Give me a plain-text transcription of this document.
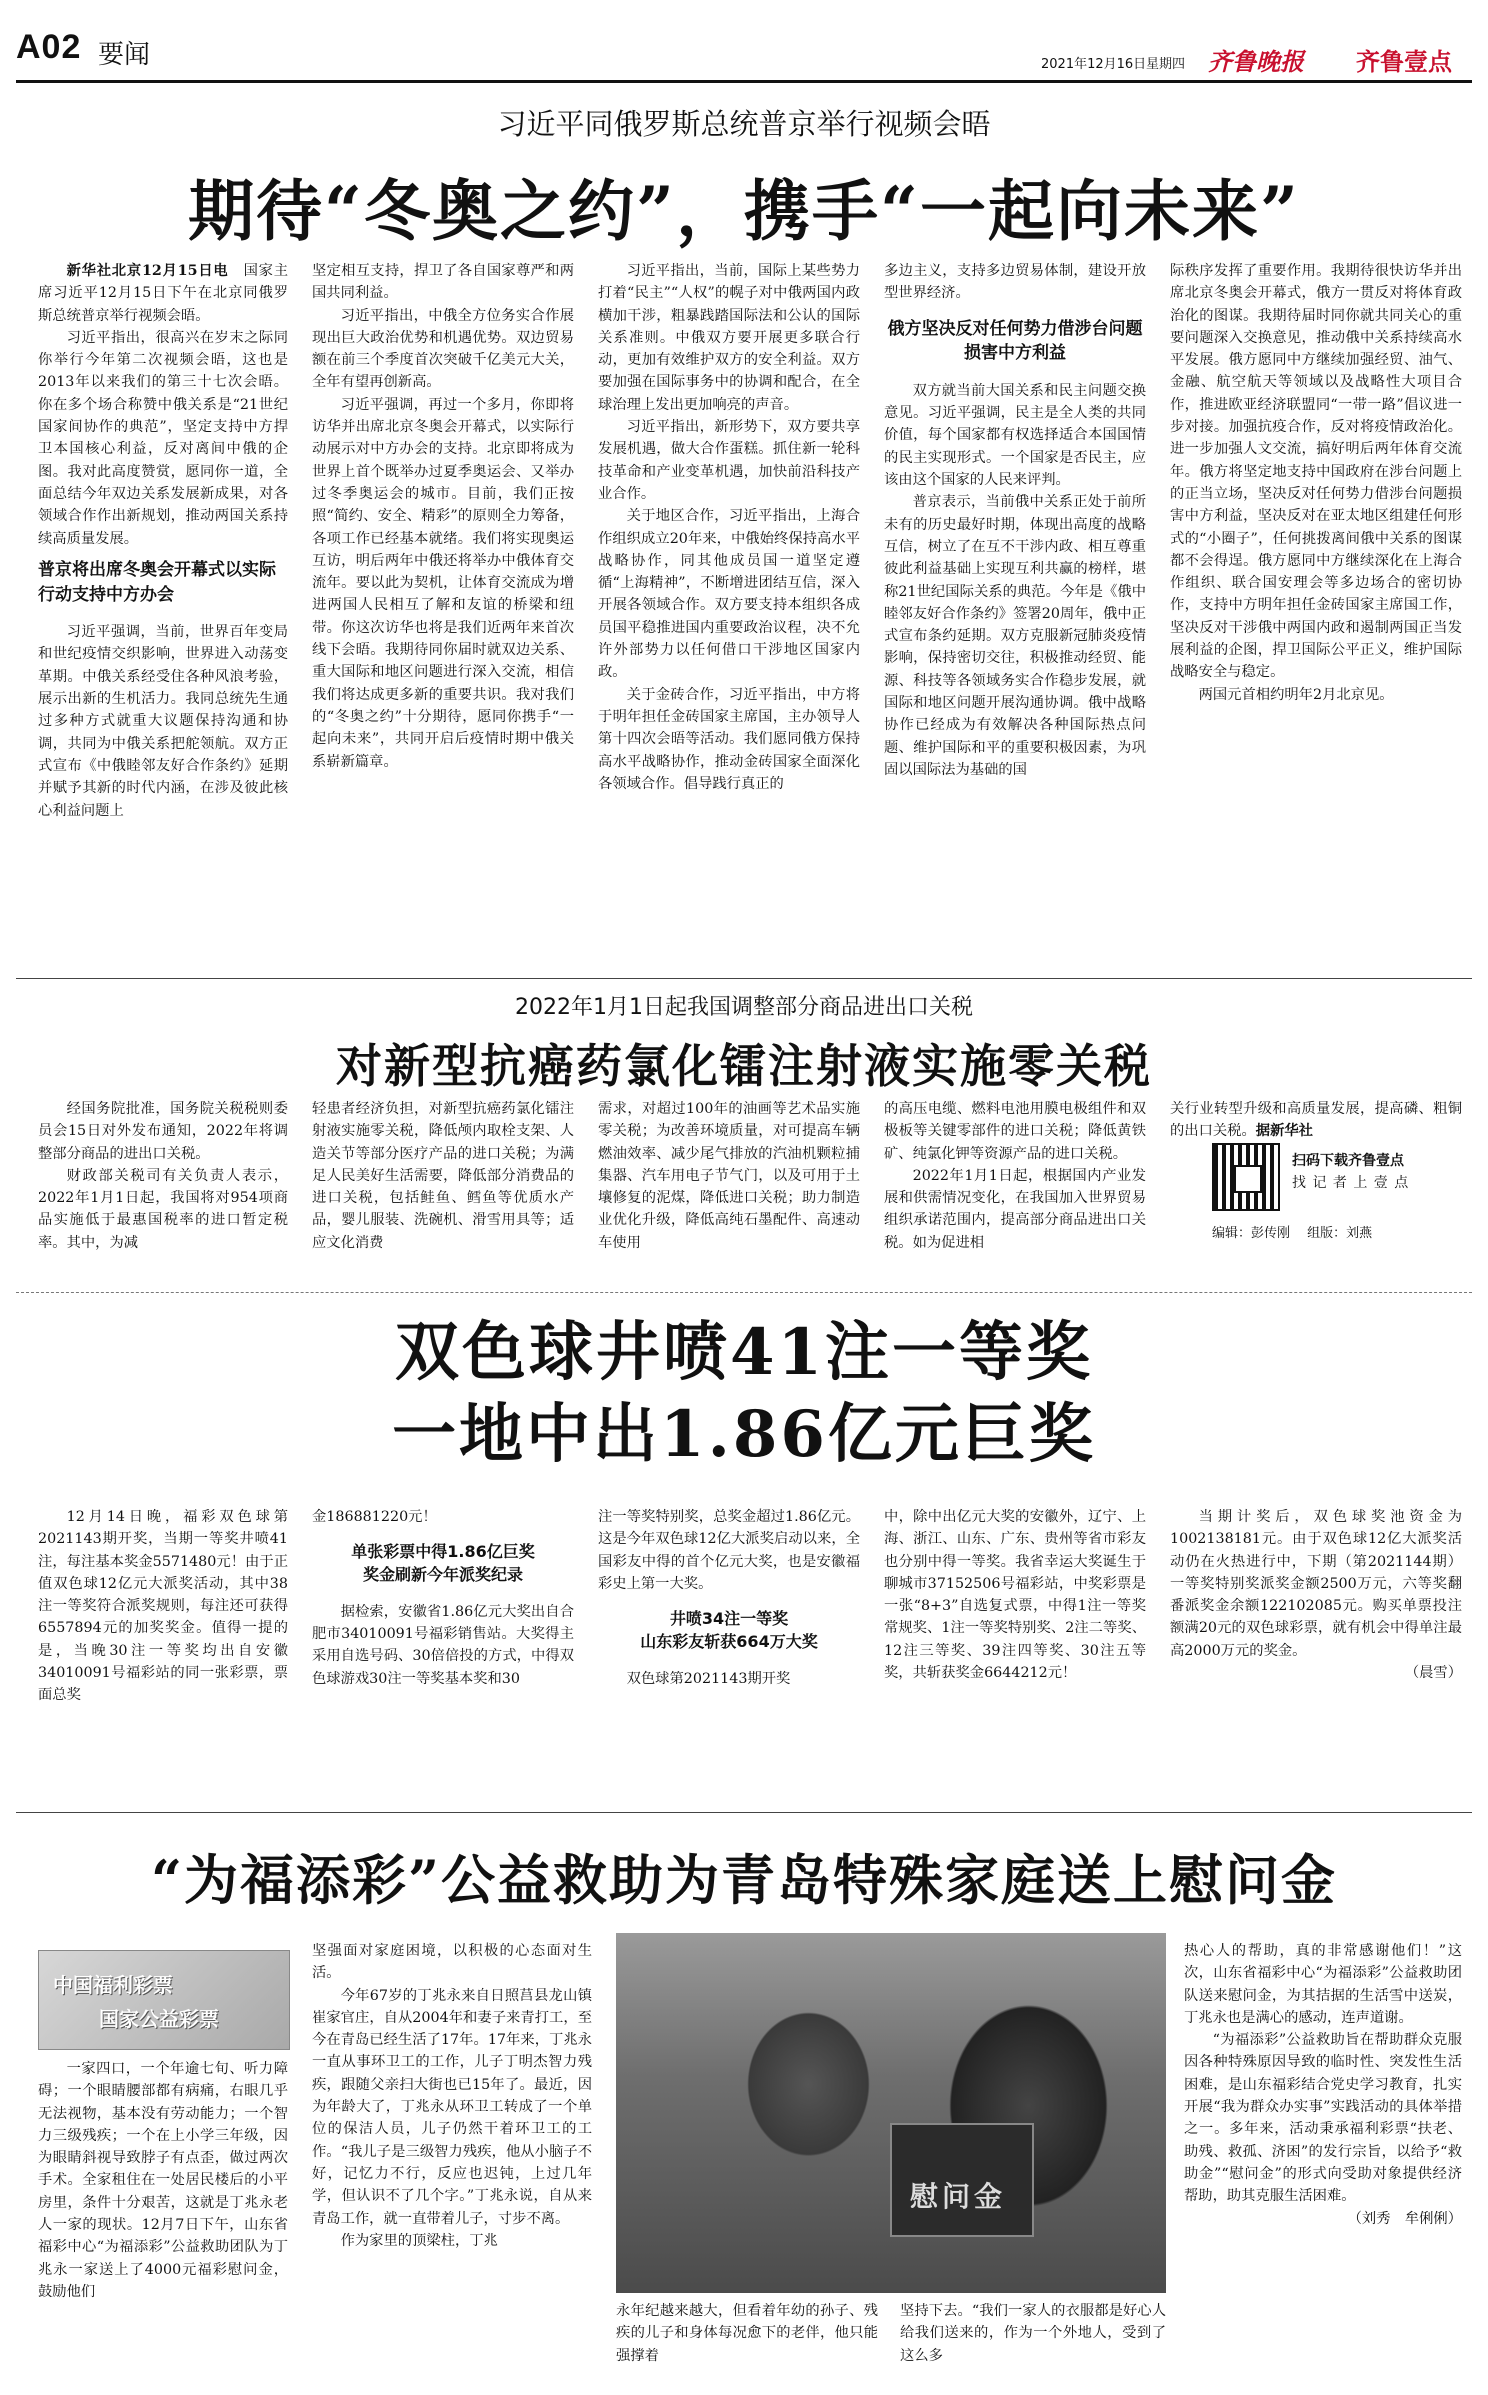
A02 要闻	2021年12月16日 星期四 齐鲁晚报 齐鲁壹点
习近平同俄罗斯总统普京举行视频会晤
期待“冬奥之约”，携手“一起向未来”

新华社北京12月15日电　 国家主席习近平12月15日下午在北京同俄罗斯总统普京举行视频会晤。

习近平指出，很高兴在岁末之际同你举行今年第二次视频会晤，这也是2013年以来我们的第三十七次会晤。你在多个场合称赞中俄关系是“21世纪国家间协作的典范”，坚定支持中方捍卫本国核心利益，反对离间中俄的企图。我对此高度赞赏，愿同你一道，全面总结今年双边关系发展新成果，对各领域合作作出新规划，推动两国关系持续高质量发展。

普京将出席冬奥会开幕式以实际行动支持中方办会

习近平强调，当前，世界百年变局和世纪疫情交织影响，世界进入动荡变革期。中俄关系经受住各种风浪考验，展示出新的生机活力。我同总统先生通过多种方式就重大议题保持沟通和协调，共同为中俄关系把舵领航。双方正式宣布《中俄睦邻友好合作条约》延期并赋予其新的时代内涵，在涉及彼此核心利益问题上

坚定相互支持，捍卫了各自国家尊严和两国共同利益。

习近平指出，中俄全方位务实合作展现出巨大政治优势和机遇优势。双边贸易额在前三个季度首次突破千亿美元大关，全年有望再创新高。

习近平强调，再过一个多月，你即将访华并出席北京冬奥会开幕式，以实际行动展示对中方办会的支持。北京即将成为世界上首个既举办过夏季奥运会、又举办过冬季奥运会的城市。目前，我们正按照“简约、安全、精彩”的原则全力筹备，各项工作已经基本就绪。我们将实现奥运互访，明后两年中俄还将举办中俄体育交流年。要以此为契机，让体育交流成为增进两国人民相互了解和友谊的桥梁和纽带。你这次访华也将是我们近两年来首次线下会晤。我期待同你届时就双边关系、重大国际和地区问题进行深入交流，相信我们将达成更多新的重要共识。我对我们的“冬奥之约”十分期待，愿同你携手“一起向未来”，共同开启后疫情时期中俄关系崭新篇章。

习近平指出，当前，国际上某些势力打着“民主”“人权”的幌子对中俄两国内政横加干涉，粗暴践踏国际法和公认的国际关系准则。中俄双方要开展更多联合行动，更加有效维护双方的安全利益。双方要加强在国际事务中的协调和配合，在全球治理上发出更加响亮的声音。

习近平指出，新形势下，双方要共享发展机遇，做大合作蛋糕。抓住新一轮科技革命和产业变革机遇，加快前沿科技产业合作。

关于地区合作，习近平指出，上海合作组织成立20年来，中俄始终保持高水平战略协作，同其他成员国一道坚定遵循“上海精神”，不断增进团结互信，深入开展各领域合作。双方要支持本组织各成员国平稳推进国内重要政治议程，决不允许外部势力以任何借口干涉地区国家内政。

关于金砖合作，习近平指出，中方将于明年担任金砖国家主席国，主办领导人第十四次会晤等活动。我们愿同俄方保持高水平战略协作，推动金砖国家全面深化各领域合作。倡导践行真正的

多边主义，支持多边贸易体制，建设开放型世界经济。

俄方坚决反对任何势力借涉台问题损害中方利益

双方就当前大国关系和民主问题交换意见。习近平强调，民主是全人类的共同价值，每个国家都有权选择适合本国国情的民主实现形式。一个国家是否民主，应该由这个国家的人民来评判。

普京表示，当前俄中关系正处于前所未有的历史最好时期，体现出高度的战略互信，树立了在互不干涉内政、相互尊重彼此利益基础上实现互利共赢的榜样，堪称21世纪国际关系的典范。今年是《俄中睦邻友好合作条约》签署20周年，俄中正式宣布条约延期。双方克服新冠肺炎疫情影响，保持密切交往，积极推动经贸、能源、科技等各领域务实合作稳步发展，就国际和地区问题开展沟通协调。俄中战略协作已经成为有效解决各种国际热点问题、维护国际和平的重要积极因素，为巩固以国际法为基础的国

际秩序发挥了重要作用。我期待很快访华并出席北京冬奥会开幕式，俄方一贯反对将体育政治化的图谋。我期待届时同你就共同关心的重要问题深入交换意见，推动俄中关系持续高水平发展。俄方愿同中方继续加强经贸、油气、金融、航空航天等领域以及战略性大项目合作，推进欧亚经济联盟同“一带一路”倡议进一步对接。加强抗疫合作，反对将疫情政治化。进一步加强人文交流，搞好明后两年体育交流年。俄方将坚定地支持中国政府在涉台问题上的正当立场，坚决反对任何势力借涉台问题损害中方利益，坚决反对在亚太地区组建任何形式的“小圈子”，任何挑拨离间俄中关系的图谋都不会得逞。俄方愿同中方继续深化在上海合作组织、联合国安理会等多边场合的密切协作，支持中方明年担任金砖国家主席国工作，坚决反对干涉俄中两国内政和遏制两国正当发展利益的企图，捍卫国际公平正义，维护国际战略安全与稳定。

两国元首相约明年2月北京见。

2022年1月1日起我国调整部分商品进出口关税
对新型抗癌药氯化镭注射液实施零关税

经国务院批准，国务院关税税则委员会15日对外发布通知，2022年将调整部分商品的进出口关税。

财政部关税司有关负责人表示，2022年1月1日起，我国将对954项商品实施低于最惠国税率的进口暂定税率。其中，为减

轻患者经济负担，对新型抗癌药氯化镭注射液实施零关税，降低颅内取栓支架、人造关节等部分医疗产品的进口关税；为满足人民美好生活需要，降低部分消费品的进口关税，包括鲑鱼、鳕鱼等优质水产品，婴儿服装、洗碗机、滑雪用具等；适应文化消费

需求，对超过100年的油画等艺术品实施零关税；为改善环境质量，对可提高车辆燃油效率、减少尾气排放的汽油机颗粒捕集器、汽车用电子节气门，以及可用于土壤修复的泥煤，降低进口关税；助力制造业优化升级，降低高纯石墨配件、高速动车使用

的高压电缆、燃料电池用膜电极组件和双极板等关键零部件的进口关税；降低黄铁矿、纯氯化钾等资源产品的进口关税。

2022年1月1日起，根据国内产业发展和供需情况变化，在我国加入世界贸易组织承诺范围内，提高部分商品进出口关税。如为促进相

关行业转型升级和高质量发展，提高磷、粗铜的出口关税。据新华社

扫码下载齐鲁壹点
找 记 者 上 壹 点
编辑：彭传刚　 组版：刘燕
双色球井喷41注一等奖
一地中出1.86亿元巨奖

12月14日晚，福彩双色球第2021143期开奖，当期一等奖井喷41注，每注基本奖金5571480元！由于正值双色球12亿元大派奖活动，其中38注一等奖符合派奖规则，每注还可获得6557894元的加奖奖金。值得一提的是，当晚30注一等奖均出自安徽34010091号福彩站的同一张彩票，票面总奖

金186881220元！

单张彩票中得1.86亿巨奖
奖金刷新今年派奖纪录

据检索，安徽省1.86亿元大奖出自合肥市34010091号福彩销售站。大奖得主采用自选号码、30倍倍投的方式，中得双色球游戏30注一等奖基本奖和30

注一等奖特别奖，总奖金超过1.86亿元。这是今年双色球12亿大派奖启动以来，全国彩友中得的首个亿元大奖，也是安徽福彩史上第一大奖。

井喷34注一等奖
山东彩友斩获664万大奖

双色球第2021143期开奖

中，除中出亿元大奖的安徽外，辽宁、上海、浙江、山东、广东、贵州等省市彩友也分别中得一等奖。我省幸运大奖诞生于聊城市37152506号福彩站，中奖彩票是一张“8+3”自选复式票，中得1注一等奖常规奖、1注一等奖特别奖、2注二等奖、12注三等奖、39注四等奖、30注五等奖，共斩获奖金6644212元！

当期计奖后，双色球奖池资金为1002138181元。由于双色球12亿大派奖活动仍在火热进行中，下期（第2021144期）一等奖特别奖派奖金额2500万元，六等奖翻番派奖金余额122102085元。购买单票投注额满20元的双色球彩票，就有机会中得单注最高2000万元的奖金。

（晨雪）

“为福添彩”公益救助为青岛特殊家庭送上慰问金
中国福利彩票
国家公益彩票

一家四口，一个年逾七旬、听力障碍；一个眼睛腰部都有病痛，右眼几乎无法视物，基本没有劳动能力；一个智力三级残疾；一个在上小学三年级，因为眼睛斜视导致脖子有点歪，做过两次手术。全家租住在一处居民楼后的小平房里，条件十分艰苦，这就是丁兆永老人一家的现状。12月7日下午，山东省福彩中心“为福添彩”公益救助团队为丁兆永一家送上了4000元福彩慰问金，鼓励他们

坚强面对家庭困境，以积极的心态面对生活。

今年67岁的丁兆永来自日照莒县龙山镇崔家官庄，自从2004年和妻子来青打工，至今在青岛已经生活了17年。17年来，丁兆永一直从事环卫工的工作，儿子丁明杰智力残疾，跟随父亲扫大街也已15年了。最近，因为年龄大了，丁兆永从环卫工转成了一个单位的保洁人员，儿子仍然干着环卫工的工作。“我儿子是三级智力残疾，他从小脑子不好，记忆力不行，反应也迟钝，上过几年学，但认识不了几个字。”丁兆永说，自从来青岛工作，就一直带着儿子，寸步不离。

作为家里的顶梁柱，丁兆

慰问金

永年纪越来越大，但看着年幼的孙子、残疾的儿子和身体每况愈下的老伴，他只能强撑着

坚持下去。“我们一家人的衣服都是好心人给我们送来的，作为一个外地人，受到了这么多

热心人的帮助，真的非常感谢他们！”这次，山东省福彩中心“为福添彩”公益救助团队送来慰问金，为其拮据的生活雪中送炭，丁兆永也是满心的感动，连声道谢。

“为福添彩”公益救助旨在帮助群众克服因各种特殊原因导致的临时性、突发性生活困难，是山东福彩结合党史学习教育，扎实开展“我为群众办实事”实践活动的具体举措之一。多年来，活动秉承福利彩票“扶老、助残、救孤、济困”的发行宗旨，以给予“救助金”“慰问金”的形式向受助对象提供经济帮助，助其克服生活困难。

（刘秀　牟俐俐）
